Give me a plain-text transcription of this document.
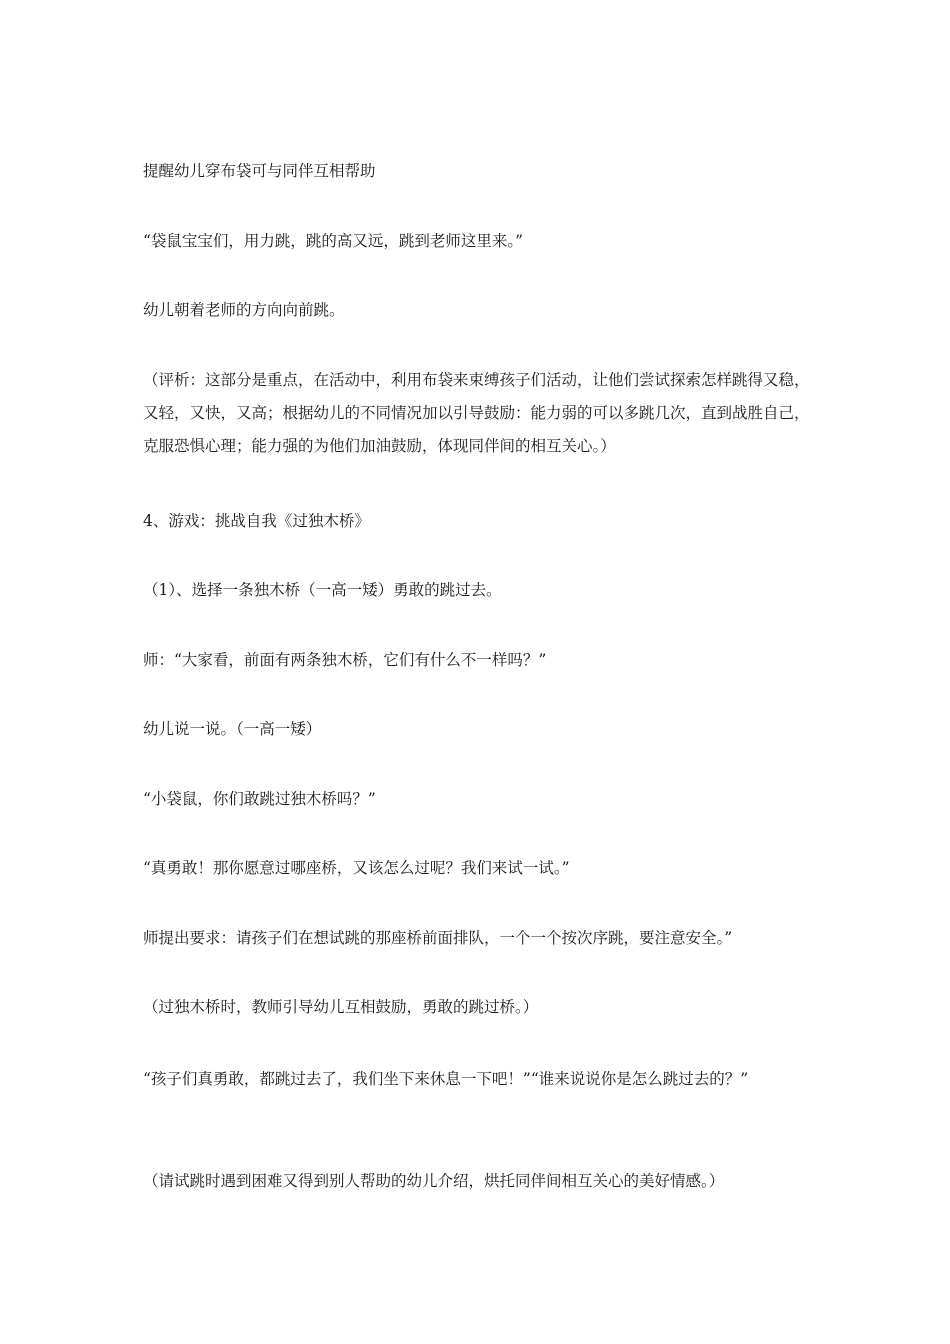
提醒幼儿穿布袋可与同伴互相帮助

“袋鼠宝宝们，用力跳，跳的高又远，跳到老师这里来。”

幼儿朝着老师的方向向前跳。

（评析：这部分是重点，在活动中，利用布袋来束缚孩子们活动，让他们尝试探索怎样跳得又稳，又轻，又快，又高；根据幼儿的不同情况加以引导鼓励：能力弱的可以多跳几次，直到战胜自己，克服恐惧心理；能力强的为他们加油鼓励，体现同伴间的相互关心。）

4、游戏：挑战自我《过独木桥》

（1）、选择一条独木桥（一高一矮）勇敢的跳过去。

师：“大家看，前面有两条独木桥，它们有什么不一样吗？”

幼儿说一说。（一高一矮）

“小袋鼠，你们敢跳过独木桥吗？”

“真勇敢！那你愿意过哪座桥，又该怎么过呢？我们来试一试。”

师提出要求：请孩子们在想试跳的那座桥前面排队，一个一个按次序跳，要注意安全。”

（过独木桥时，教师引导幼儿互相鼓励，勇敢的跳过桥。）

“孩子们真勇敢，都跳过去了，我们坐下来休息一下吧！”“谁来说说你是怎么跳过去的？”

（请试跳时遇到困难又得到别人帮助的幼儿介绍，烘托同伴间相互关心的美好情感。）
